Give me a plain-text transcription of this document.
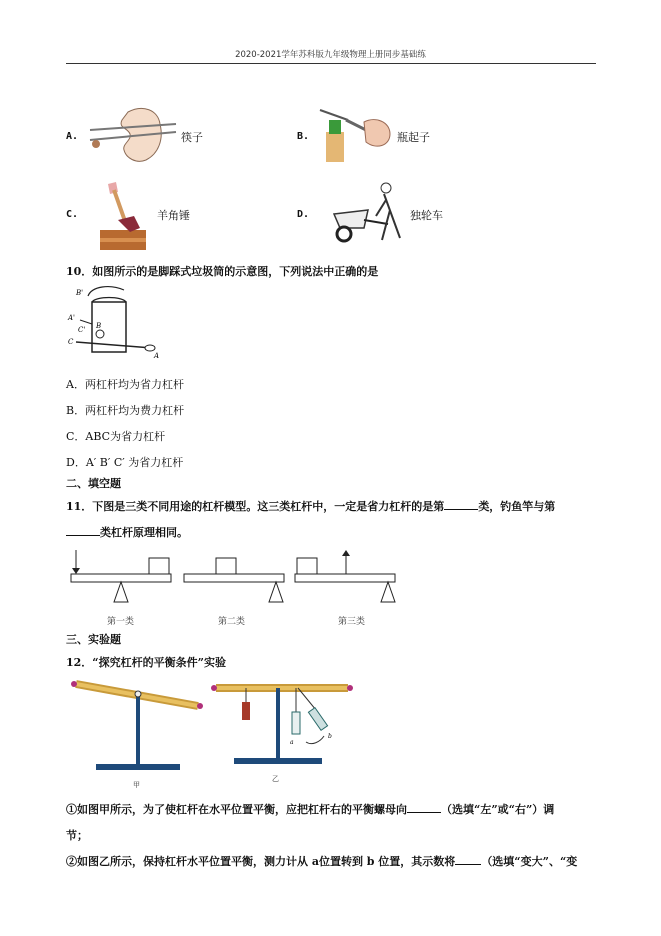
2020-2021学年苏科版九年级物理上册同步基础练
A.	筷子	B.	瓶起子
C.	羊角锤	D.	独轮车
10．如图所示的是脚踩式垃圾筒的示意图，下列说法中正确的是
B'
A'
C' B
C
A
A．两杠杆均为省力杠杆
B．两杠杆均为费力杠杆
C．ABC为省力杠杆
D．A′ B′ C′ 为省力杠杆
二、填空题
11．下图是三类不同用途的杠杆模型。这三类杠杆中，一定是省力杠杆的是第	类，钓鱼竿与第
类杠杆原理相同。
第一类	第二类	第三类
三、实验题
12．“探究杠杆的平衡条件”实验
a
b
甲
乙
①如图甲所示，为了使杠杆在水平位置平衡，应把杠杆右的平衡螺母向	（选填“左”或“右”）调
节；
②如图乙所示，保持杠杆水平位置平衡，测力计从 a位置转到 b 位置，其示数将 （选填“变大”、“变
